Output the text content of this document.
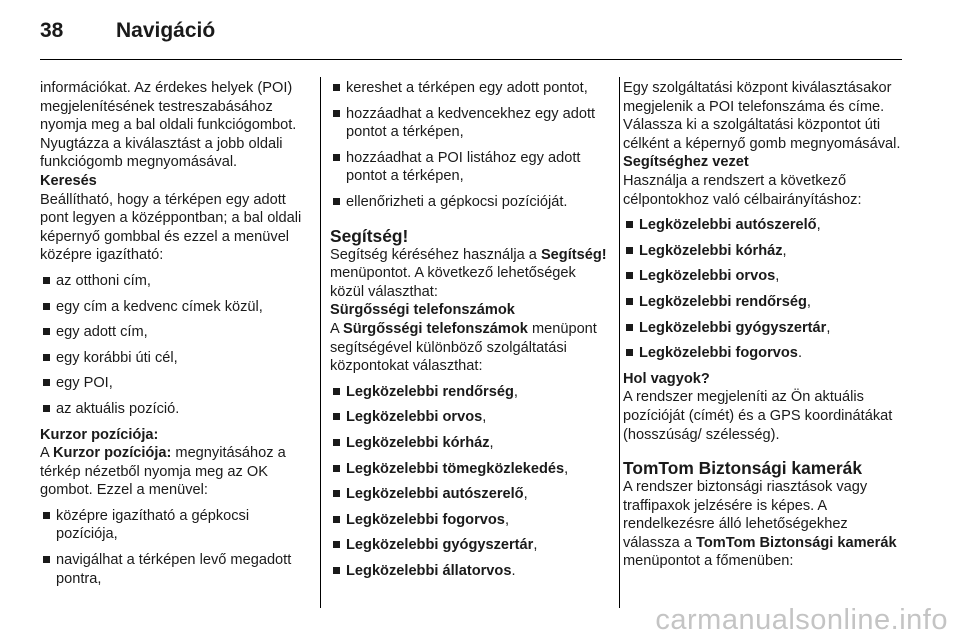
38	Navigáció

információkat. Az érdekes helyek (POI) megjelenítésének testreszabásához nyomja meg a bal oldali funkciógombot. Nyugtázza a kiválasztást a jobb oldali funkciógomb megnyomásával.

Keresés

Beállítható, hogy a térképen egy adott pont legyen a középpontban; a bal oldali képernyő gombbal és ezzel a menüvel középre igazítható:

az otthoni cím,
egy cím a kedvenc címek közül,
egy adott cím,
egy korábbi úti cél,
egy POI,
az aktuális pozíció.

Kurzor pozíciója:

A Kurzor pozíciója: megnyitásához a térkép nézetből nyomja meg az OK gombot. Ezzel a menüvel:

középre igazítható a gépkocsi pozíciója,
navigálhat a térképen levő megadott pontra,
kereshet a térképen egy adott pontot,
hozzáadhat a kedvencekhez egy adott pontot a térképen,
hozzáadhat a POI listához egy adott pontot a térképen,
ellenőrizheti a gépkocsi pozícióját.

Segítség!

Segítség kéréséhez használja a Segítség! menüpontot. A következő lehetőségek közül választhat:

Sürgősségi telefonszámok

A Sürgősségi telefonszámok menüpont segítségével különböző szolgáltatási központokat választhat:

Legközelebbi rendőrség,
Legközelebbi orvos,
Legközelebbi kórház,
Legközelebbi tömegközlekedés,
Legközelebbi autószerelő,
Legközelebbi fogorvos,
Legközelebbi gyógyszertár,
Legközelebbi állatorvos.

Egy szolgáltatási központ kiválasztásakor megjelenik a POI telefonszáma és címe. Válassza ki a szolgáltatási központot úti célként a képernyő gomb megnyomásával.

Segítséghez vezet

Használja a rendszert a következő célpontokhoz való célbairányításhoz:

Legközelebbi autószerelő,
Legközelebbi kórház,
Legközelebbi orvos,
Legközelebbi rendőrség,
Legközelebbi gyógyszertár,
Legközelebbi fogorvos.

Hol vagyok?

A rendszer megjeleníti az Ön aktuális pozícióját (címét) és a GPS koordinátákat (hosszúság/ szélesség).

TomTom Biztonsági kamerák

A rendszer biztonsági riasztások vagy traffipaxok jelzésére is képes. A rendelkezésre álló lehetőségekhez válassza a TomTom Biztonsági kamerák menüpontot a főmenüben:

carmanualsonline.info
